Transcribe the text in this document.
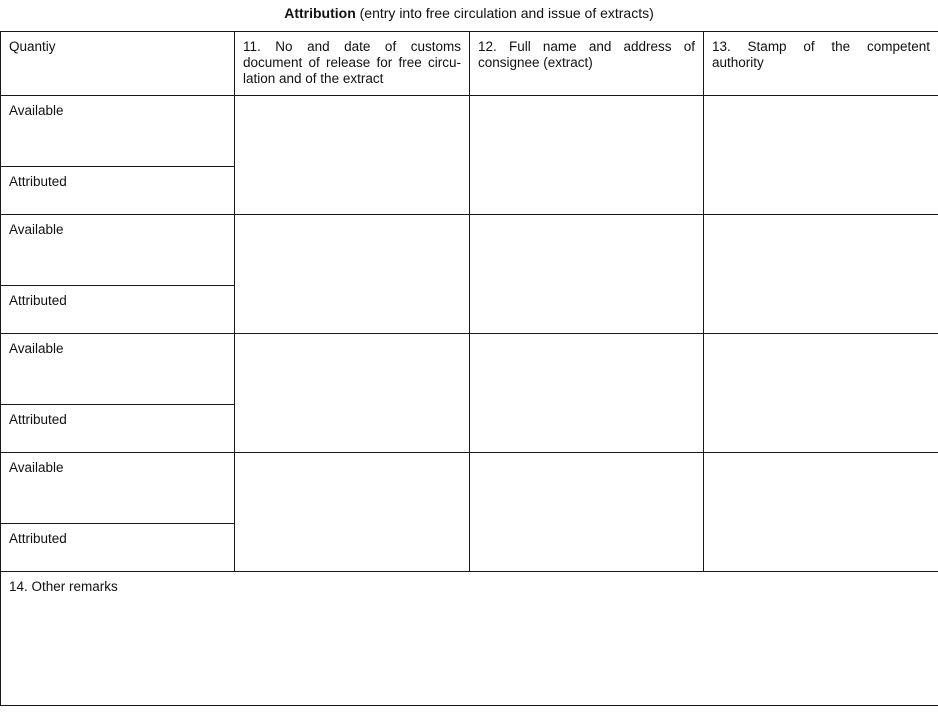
Attribution (entry into free circulation and issue of extracts)
Quantiy	11. No and date of customs document of release for free circulation and of the extract	12. Full name and address of consignee (extract)	13. Stamp of the competent authority
Available			
Attributed			
Available			
Attributed			
Available			
Attributed			
Available			
Attributed			
14. Other remarks			
